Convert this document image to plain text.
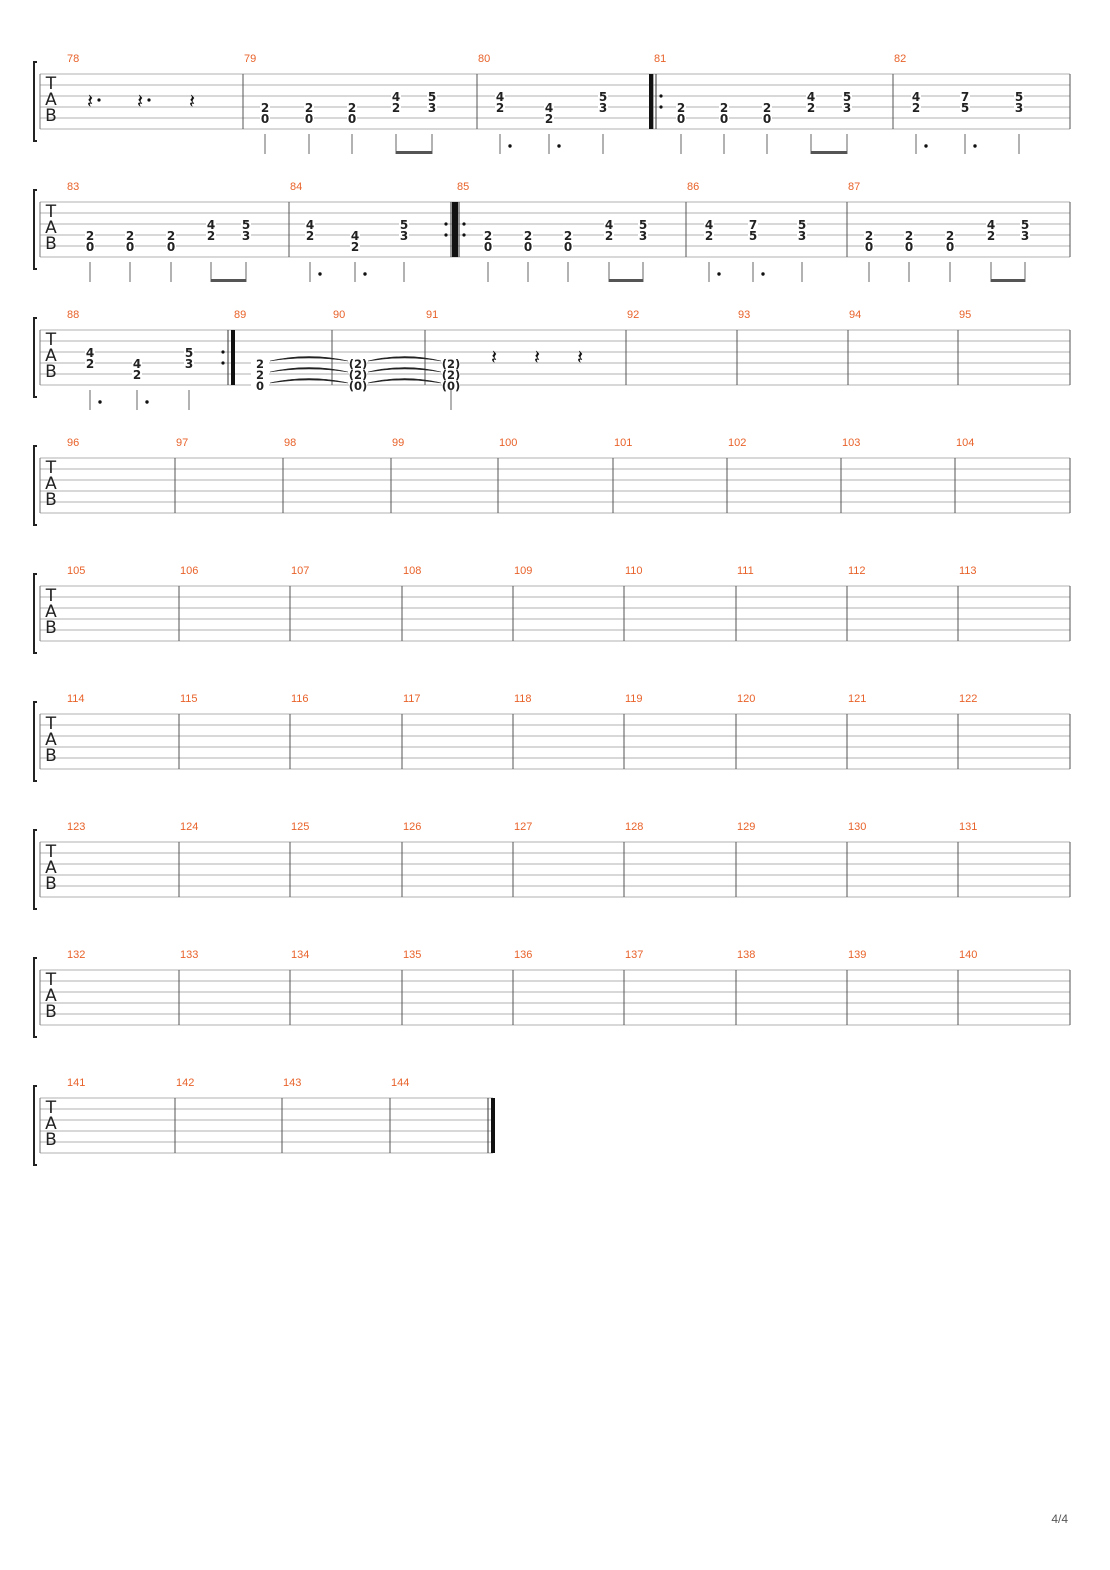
T
A
B
78
𝄽 𝄽 𝄽
79
2
0
2
0
2
0
4
2
5
3
80
4
2	4
2
5
3
81
2
0
2
0
2
0
4
2
5
3
82
4
2
7
5
5
3
T
A
B
83
2
0
2
0
2
0
4
2
5
3
84
4
2	4
2
5
3
85
2
0
2
0
2
0
4
2
5
3
86
4
2
7
5
5
3
87
2
0
2
0
2
0
4
2
5
3
T
A
B
88
4
2	4
2
5
3
89
2
2
0
90
(2)
(2)
(0)
91
(2)
(2)
(0)
𝄽 𝄽 𝄽
92	93	94	95
T
A
B
96	97	98	99	100	101	102	103	104
T
A
B
105	106	107	108	109	110	111	112	113
T
A
B
114	115	116	117	118	119	120	121	122
T
A
B
123	124	125	126	127	128	129	130	131
T
A
B
132	133	134	135	136	137	138	139	140
T
A
B
141	142	143	144
4/4
